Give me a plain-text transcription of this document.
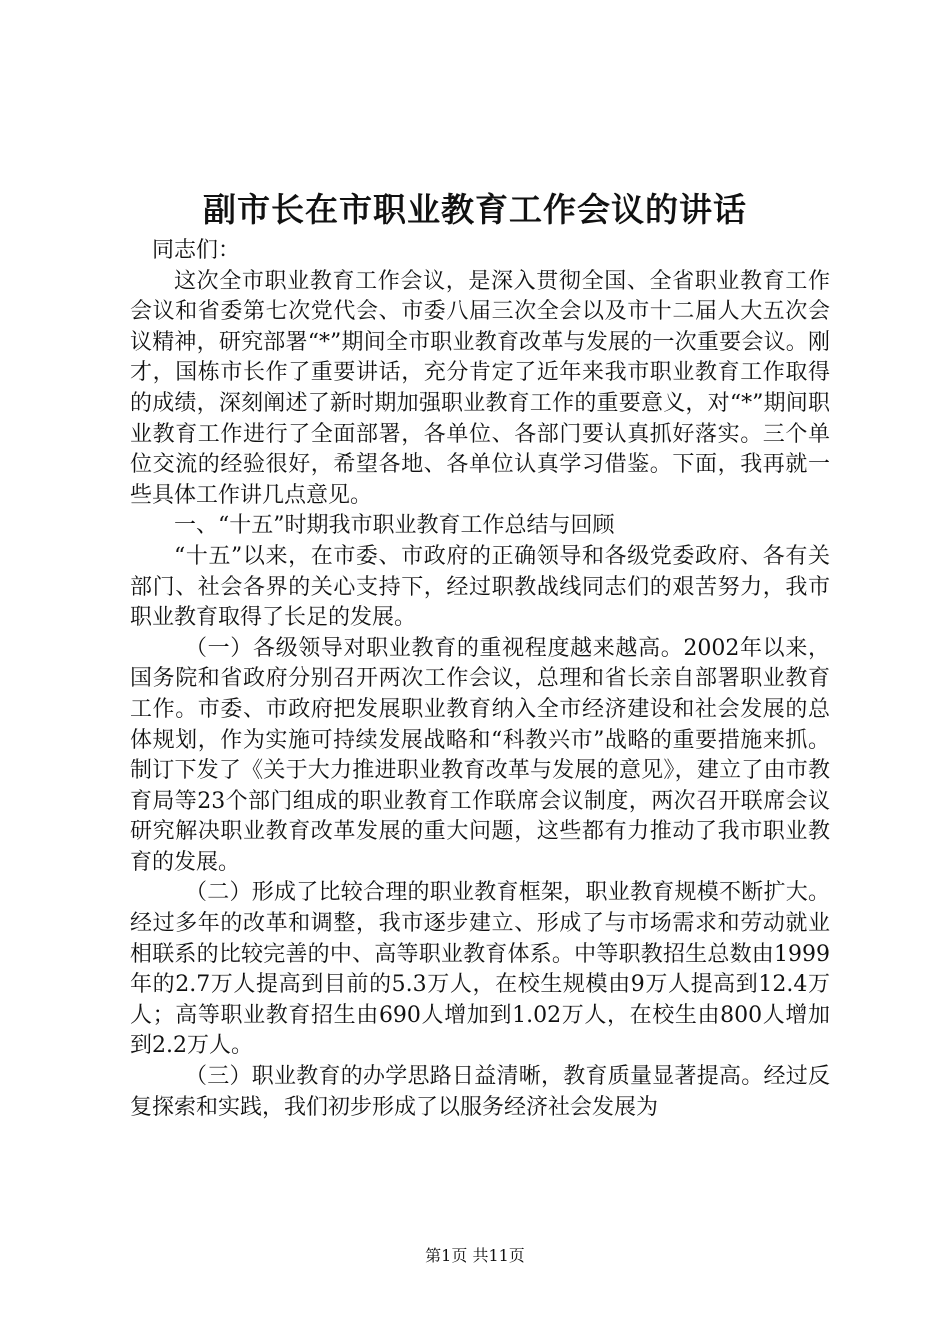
副市长在市职业教育工作会议的讲话

同志们：

这次全市职业教育工作会议，是深入贯彻全国、全省职业教育工作会议和省委第七次党代会、市委八届三次全会以及市十二届人大五次会议精神，研究部署“*”期间全市职业教育改革与发展的一次重要会议。刚才，国栋市长作了重要讲话，充分肯定了近年来我市职业教育工作取得的成绩，深刻阐述了新时期加强职业教育工作的重要意义，对“*”期间职业教育工作进行了全面部署，各单位、各部门要认真抓好落实。三个单位交流的经验很好，希望各地、各单位认真学习借鉴。下面，我再就一些具体工作讲几点意见。

一、“十五”时期我市职业教育工作总结与回顾

“十五”以来，在市委、市政府的正确领导和各级党委政府、各有关部门、社会各界的关心支持下，经过职教战线同志们的艰苦努力，我市职业教育取得了长足的发展。

（一）各级领导对职业教育的重视程度越来越高。2002年以来，国务院和省政府分别召开两次工作会议，总理和省长亲自部署职业教育工作。市委、市政府把发展职业教育纳入全市经济建设和社会发展的总体规划，作为实施可持续发展战略和“科教兴市”战略的重要措施来抓。制订下发了《关于大力推进职业教育改革与发展的意见》，建立了由市教育局等23个部门组成的职业教育工作联席会议制度，两次召开联席会议研究解决职业教育改革发展的重大问题，这些都有力推动了我市职业教育的发展。

（二）形成了比较合理的职业教育框架，职业教育规模不断扩大。经过多年的改革和调整，我市逐步建立、形成了与市场需求和劳动就业相联系的比较完善的中、高等职业教育体系。中等职教招生总数由1999年的2.7万人提高到目前的5.3万人，在校生规模由9万人提高到12.4万人；高等职业教育招生由690人增加到1.02万人，在校生由800人增加到2.2万人。

（三）职业教育的办学思路日益清晰，教育质量显著提高。经过反复探索和实践，我们初步形成了以服务经济社会发展为

第1页 共11页
